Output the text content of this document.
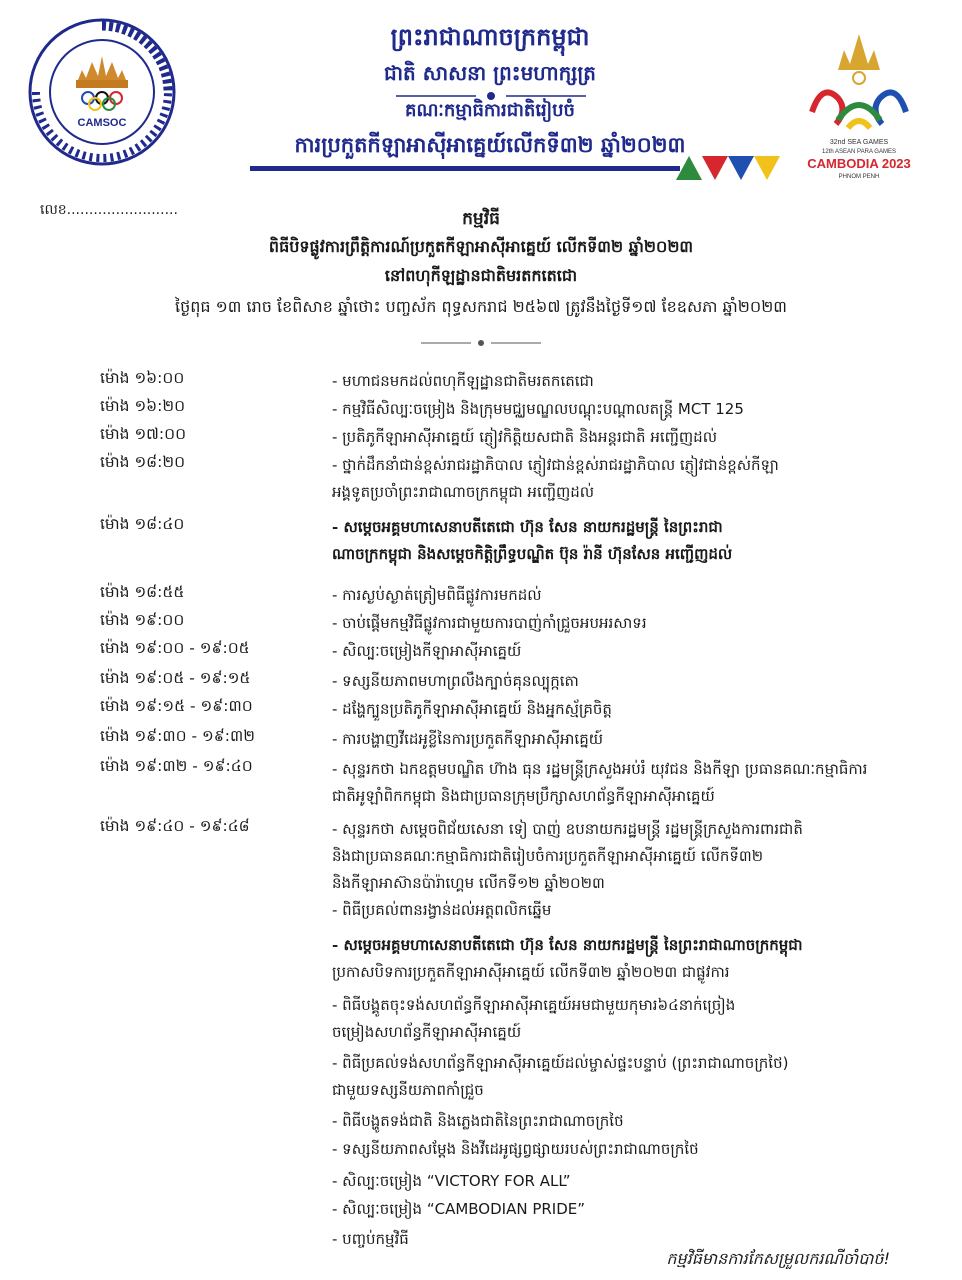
CAMSOC
ព្រះរាជាណាចក្រកម្ពុជា
ជាតិ សាសនា ព្រះមហាក្សត្រ
គណៈកម្មាធិការជាតិរៀបចំ
ការប្រកួតកីឡាអាស៊ីអាគ្នេយ៍លើកទី៣២ ឆ្នាំ២០២៣	32nd SEA GAMES
12th ASEAN PARA GAMES
CAMBODIA 2023
PHNOM PENH
លេខ.........................	កម្មវិធី
ពិធីបិទផ្លូវការព្រឹត្តិការណ៍ប្រកួតកីឡាអាស៊ីអាគ្នេយ៍ លើកទី៣២ ឆ្នាំ២០២៣
នៅពហុកីឡដ្ឋានជាតិមរតកតេជោ
ថ្ងៃពុធ ១៣ រោច ខែពិសាខ ឆ្នាំថោះ បញ្ចស័ក ពុទ្ធសករាជ ២៥៦៧ ត្រូវនឹងថ្ងៃទី១៧ ខែឧសភា ឆ្នាំ២០២៣
ម៉ោង ១៦:០០	- មហាជនមកដល់ពហុកីឡដ្ឋានជាតិមរតកតេជោ
ម៉ោង ១៦:២០	- កម្មវិធីសិល្បៈចម្រៀង និងក្រុមមជ្ឈមណ្ឌលបណ្ដុះបណ្ដាលតន្ត្រី MCT 125
ម៉ោង ១៧:០០	- ប្រតិភូកីឡាអាស៊ីអាគ្នេយ៍ ភ្ញៀវកិត្តិយសជាតិ និងអន្តរជាតិ អញ្ជើញដល់
ម៉ោង ១៨:២០	- ថ្នាក់ដឹកនាំជាន់ខ្ពស់រាជរដ្ឋាភិបាល ភ្ញៀវជាន់ខ្ពស់រាជរដ្ឋាភិបាល ភ្ញៀវជាន់ខ្ពស់កីឡា
អង្គទូតប្រចាំព្រះរាជាណាចក្រកម្ពុជា អញ្ជើញដល់
ម៉ោង ១៨:៤០	- សម្តេចអគ្គមហាសេនាបតីតេជោ ហ៊ុន សែន នាយករដ្ឋមន្ត្រី នៃព្រះរាជា
ណាចក្រកម្ពុជា និងសម្តេចកិត្តិព្រឹទ្ធបណ្ឌិត ប៊ុន រ៉ានី ហ៊ុនសែន អញ្ជើញដល់
ម៉ោង ១៨:៥៥	- ការស្ងប់ស្ងាត់ត្រៀមពិធីផ្លូវការមកដល់
ម៉ោង ១៩:០០	- ចាប់ផ្ដើមកម្មវិធីផ្លូវការជាមួយការបាញ់កាំជ្រួចអបអរសាទរ
ម៉ោង ១៩:០០ - ១៩:០៥	- សិល្បៈចម្រៀងកីឡាអាស៊ីអាគ្នេយ៍
ម៉ោង ១៩:០៥ - ១៩:១៥	- ទស្សនីយភាពមហាព្រលឹងក្បាច់គុនល្បុក្កតោ
ម៉ោង ១៩:១៥ - ១៩:៣០	- ដង្ហែក្បួនប្រតិភូកីឡាអាស៊ីអាគ្នេយ៍ និងអ្នកស្ម័គ្រចិត្ត
ម៉ោង ១៩:៣០ - ១៩:៣២	- ការបង្ហាញវីដេអូខ្លីនៃការប្រកួតកីឡាអាស៊ីអាគ្នេយ៍
ម៉ោង ១៩:៣២ - ១៩:៤០	- សុន្ទរកថា ឯកឧត្តមបណ្ឌិត ហ៊ាង ធុន រដ្ឋមន្ត្រីក្រសួងអប់រំ យុវជន និងកីឡា ប្រធានគណៈកម្មាធិការ
ជាតិអូឡាំពិកកម្ពុជា និងជាប្រធានក្រុមប្រឹក្សាសហព័ន្ធកីឡាអាស៊ីអាគ្នេយ៍
ម៉ោង ១៩:៤០ - ១៩:៤៨	- សុន្ទរកថា សម្តេចពិជ័យសេនា ទៀ បាញ់ ឧបនាយករដ្ឋមន្ត្រី រដ្ឋមន្ត្រីក្រសួងការពារជាតិ
និងជាប្រធានគណៈកម្មាធិការជាតិរៀបចំការប្រកួតកីឡាអាស៊ីអាគ្នេយ៍ លើកទី៣២
និងកីឡាអាស៊ានប៉ារ៉ាហ្គេម លើកទី១២ ឆ្នាំ២០២៣
- ពិធីប្រគល់ពានរង្វាន់ដល់អត្តពលិកឆ្នើម
- សម្តេចអគ្គមហាសេនាបតីតេជោ ហ៊ុន សែន នាយករដ្ឋមន្ត្រី នៃព្រះរាជាណាចក្រកម្ពុជា
ប្រកាសបិទការប្រកួតកីឡាអាស៊ីអាគ្នេយ៍ លើកទី៣២ ឆ្នាំ២០២៣ ជាផ្លូវការ
- ពិធីបង្គូតចុះទង់សហព័ន្ធកីឡាអាស៊ីអាគ្នេយ៍អមជាមួយកុមារ៦៤នាក់ច្រៀង
ចម្រៀងសហព័ន្ធកីឡាអាស៊ីអាគ្នេយ៍
- ពិធីប្រគល់ទង់សហព័ន្ធកីឡាអាស៊ីអាគ្នេយ៍ដល់ម្ចាស់ផ្ទះបន្ទាប់ (ព្រះរាជាណាចក្រថៃ)
ជាមួយទស្សនីយភាពកាំជ្រួច
- ពិធីបង្ហូតទង់ជាតិ និងភ្លេងជាតិនៃព្រះរាជាណាចក្រថៃ
- ទស្សនីយភាពសម្ដែង និងវីដេអូផ្សព្វផ្សាយរបស់ព្រះរាជាណាចក្រថៃ
- សិល្បៈចម្រៀង “VICTORY FOR ALL”
- សិល្បៈចម្រៀង “CAMBODIAN PRIDE”
- បញ្ចប់កម្មវិធី
កម្មវិធីមានការកែសម្រួលករណីចាំបាច់!
